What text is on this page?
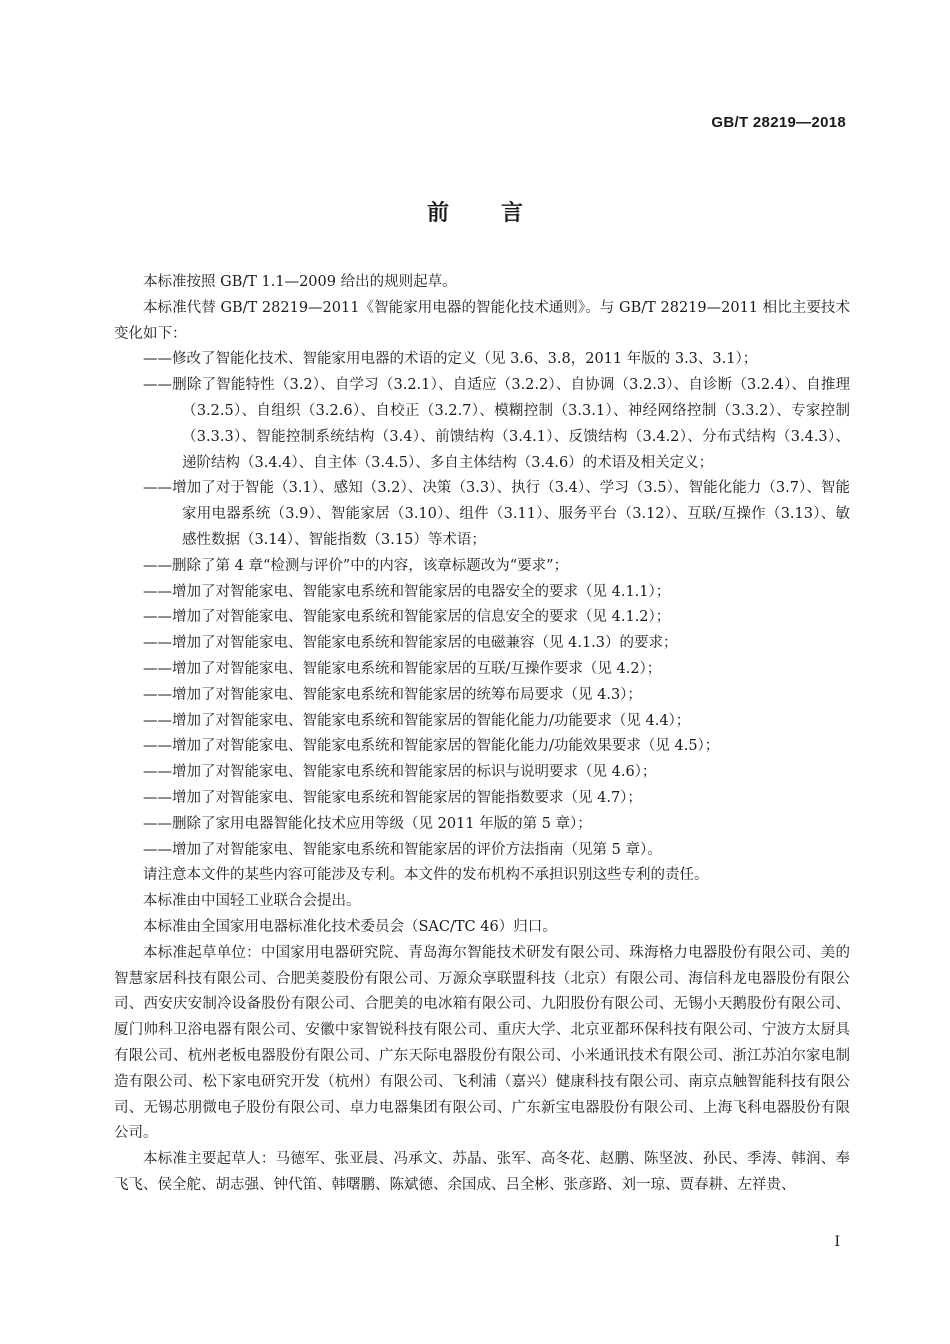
GB/T 28219—2018
前言

本标准按照 GB/T 1.1—2009 给出的规则起草。

本标准代替 GB/T 28219—2011《智能家用电器的智能化技术通则》。与 GB/T 28219—2011 相比主要技术变化如下：

——修改了智能化技术、智能家用电器的术语的定义（见 3.6、3.8，2011 年版的 3.3、3.1）；

——删除了智能特性（3.2）、自学习（3.2.1）、自适应（3.2.2）、自协调（3.2.3）、自诊断（3.2.4）、自推理（3.2.5）、自组织（3.2.6）、自校正（3.2.7）、模糊控制（3.3.1）、神经网络控制（3.3.2）、专家控制（3.3.3）、智能控制系统结构（3.4）、前馈结构（3.4.1）、反馈结构（3.4.2）、分布式结构（3.4.3）、递阶结构（3.4.4）、自主体（3.4.5）、多自主体结构（3.4.6）的术语及相关定义；

——增加了对于智能（3.1）、感知（3.2）、决策（3.3）、执行（3.4）、学习（3.5）、智能化能力（3.7）、智能家用电器系统（3.9）、智能家居（3.10）、组件（3.11）、服务平台（3.12）、互联/互操作（3.13）、敏感性数据（3.14）、智能指数（3.15）等术语；

——删除了第 4 章“检测与评价”中的内容，该章标题改为“要求”；

——增加了对智能家电、智能家电系统和智能家居的电器安全的要求（见 4.1.1）；

——增加了对智能家电、智能家电系统和智能家居的信息安全的要求（见 4.1.2）；

——增加了对智能家电、智能家电系统和智能家居的电磁兼容（见 4.1.3）的要求；

——增加了对智能家电、智能家电系统和智能家居的互联/互操作要求（见 4.2）；

——增加了对智能家电、智能家电系统和智能家居的统筹布局要求（见 4.3）；

——增加了对智能家电、智能家电系统和智能家居的智能化能力/功能要求（见 4.4）；

——增加了对智能家电、智能家电系统和智能家居的智能化能力/功能效果要求（见 4.5）；

——增加了对智能家电、智能家电系统和智能家居的标识与说明要求（见 4.6）；

——增加了对智能家电、智能家电系统和智能家居的智能指数要求（见 4.7）；

——删除了家用电器智能化技术应用等级（见 2011 年版的第 5 章）；

——增加了对智能家电、智能家电系统和智能家居的评价方法指南（见第 5 章）。

请注意本文件的某些内容可能涉及专利。本文件的发布机构不承担识别这些专利的责任。

本标准由中国轻工业联合会提出。

本标准由全国家用电器标准化技术委员会（SAC/TC 46）归口。

本标准起草单位：中国家用电器研究院、青岛海尔智能技术研发有限公司、珠海格力电器股份有限公司、美的智慧家居科技有限公司、合肥美菱股份有限公司、万源众享联盟科技（北京）有限公司、海信科龙电器股份有限公司、西安庆安制冷设备股份有限公司、合肥美的电冰箱有限公司、九阳股份有限公司、无锡小天鹅股份有限公司、厦门帅科卫浴电器有限公司、安徽中家智锐科技有限公司、重庆大学、北京亚都环保科技有限公司、宁波方太厨具有限公司、杭州老板电器股份有限公司、广东天际电器股份有限公司、小米通讯技术有限公司、浙江苏泊尔家电制造有限公司、松下家电研究开发（杭州）有限公司、飞利浦（嘉兴）健康科技有限公司、南京点触智能科技有限公司、无锡芯朋微电子股份有限公司、卓力电器集团有限公司、广东新宝电器股份有限公司、上海飞科电器股份有限公司。

本标准主要起草人：马德军、张亚晨、冯承文、苏晶、张军、高冬花、赵鹏、陈坚波、孙民、季涛、韩润、奉飞飞、侯全舵、胡志强、钟代笛、韩曙鹏、陈斌德、余国成、吕全彬、张彦路、刘一琼、贾春耕、左祥贵、

I
